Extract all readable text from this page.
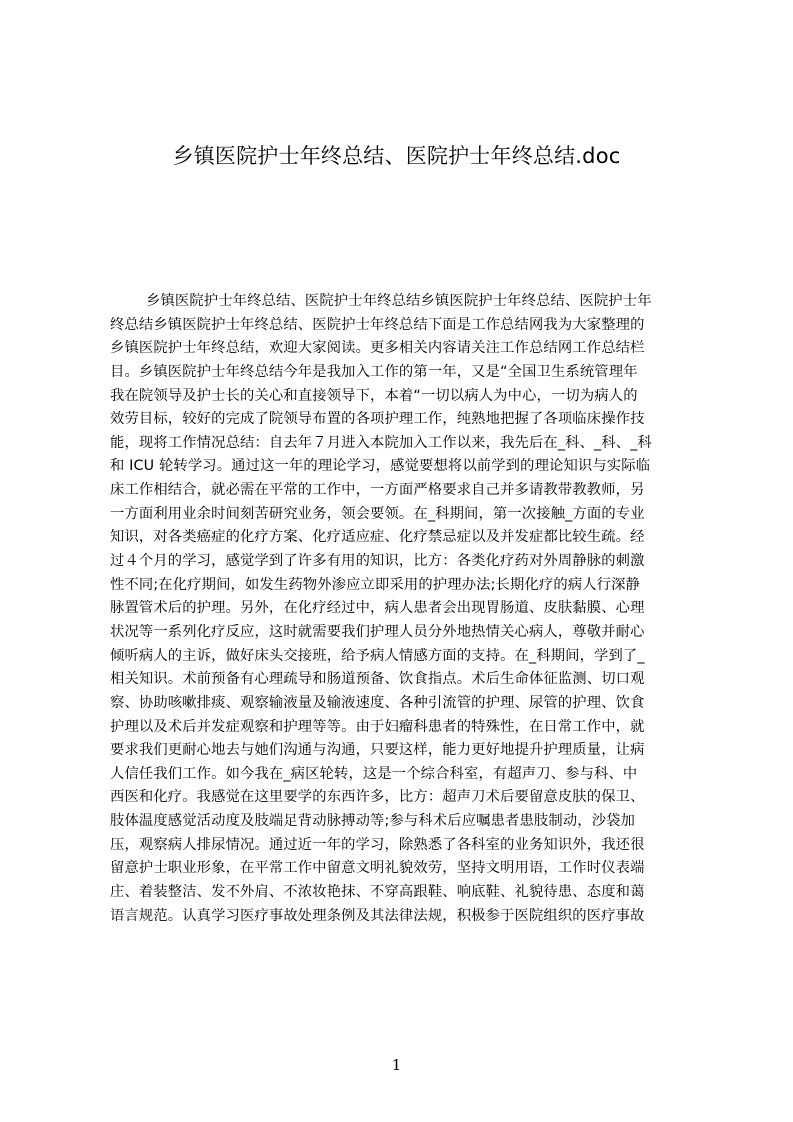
乡镇医院护士年终总结、医院护士年终总结.doc
乡镇医院护士年终总结、医院护士年终总结乡镇医院护士年终总结、医院护士年
终总结乡镇医院护士年终总结、医院护士年终总结下面是工作总结网我为大家整理的
乡镇医院护士年终总结，欢迎大家阅读。更多相关内容请关注工作总结网工作总结栏
目。乡镇医院护士年终总结今年是我加入工作的第一年，又是“全国卫生系统管理年
我在院领导及护士长的关心和直接领导下，本着“一切以病人为中心，一切为病人的
效劳目标，较好的完成了院领导布置的各项护理工作，纯熟地把握了各项临床操作技
能，现将工作情况总结：自去年７月进入本院加入工作以来，我先后在_科、_科、_科
和 ICU 轮转学习。通过这一年的理论学习，感觉要想将以前学到的理论知识与实际临
床工作相结合，就必需在平常的工作中，一方面严格要求自己并多请教带教教师，另
一方面利用业余时间刻苦研究业务，领会要领。在_科期间，第一次接触_方面的专业
知识，对各类癌症的化疗方案、化疗适应症、化疗禁忌症以及并发症都比较生疏。经
过４个月的学习，感觉学到了许多有用的知识，比方：各类化疗药对外周静脉的刺激
性不同;在化疗期间，如发生药物外渗应立即采用的护理办法;长期化疗的病人行深静
脉置管术后的护理。另外，在化疗经过中，病人患者会出现胃肠道、皮肤黏膜、心理
状况等一系列化疗反应，这时就需要我们护理人员分外地热情关心病人，尊敬并耐心
倾听病人的主诉，做好床头交接班，给予病人情感方面的支持。在_科期间，学到了_
相关知识。术前预备有心理疏导和肠道预备、饮食指点。术后生命体征监测、切口观
察、协助咳嗽排痰、观察输液量及输液速度、各种引流管的护理、尿管的护理、饮食
护理以及术后并发症观察和护理等等。由于妇瘤科患者的特殊性，在日常工作中，就
要求我们更耐心地去与她们沟通与沟通，只要这样，能力更好地提升护理质量，让病
人信任我们工作。如今我在_病区轮转，这是一个综合科室，有超声刀、参与科、中
西医和化疗。我感觉在这里要学的东西许多，比方：超声刀术后要留意皮肤的保卫、
肢体温度感觉活动度及肢端足背动脉搏动等;参与科术后应嘱患者患肢制动，沙袋加
压，观察病人排尿情况。通过近一年的学习，除熟悉了各科室的业务知识外，我还很
留意护士职业形象，在平常工作中留意文明礼貌效劳，坚持文明用语，工作时仪表端
庄、着装整洁、发不外肩、不浓妆艳抹、不穿高跟鞋、响底鞋、礼貌待患、态度和蔼
语言规范。认真学习医疗事故处理条例及其法律法规，积极参于医院组织的医疗事故
1
